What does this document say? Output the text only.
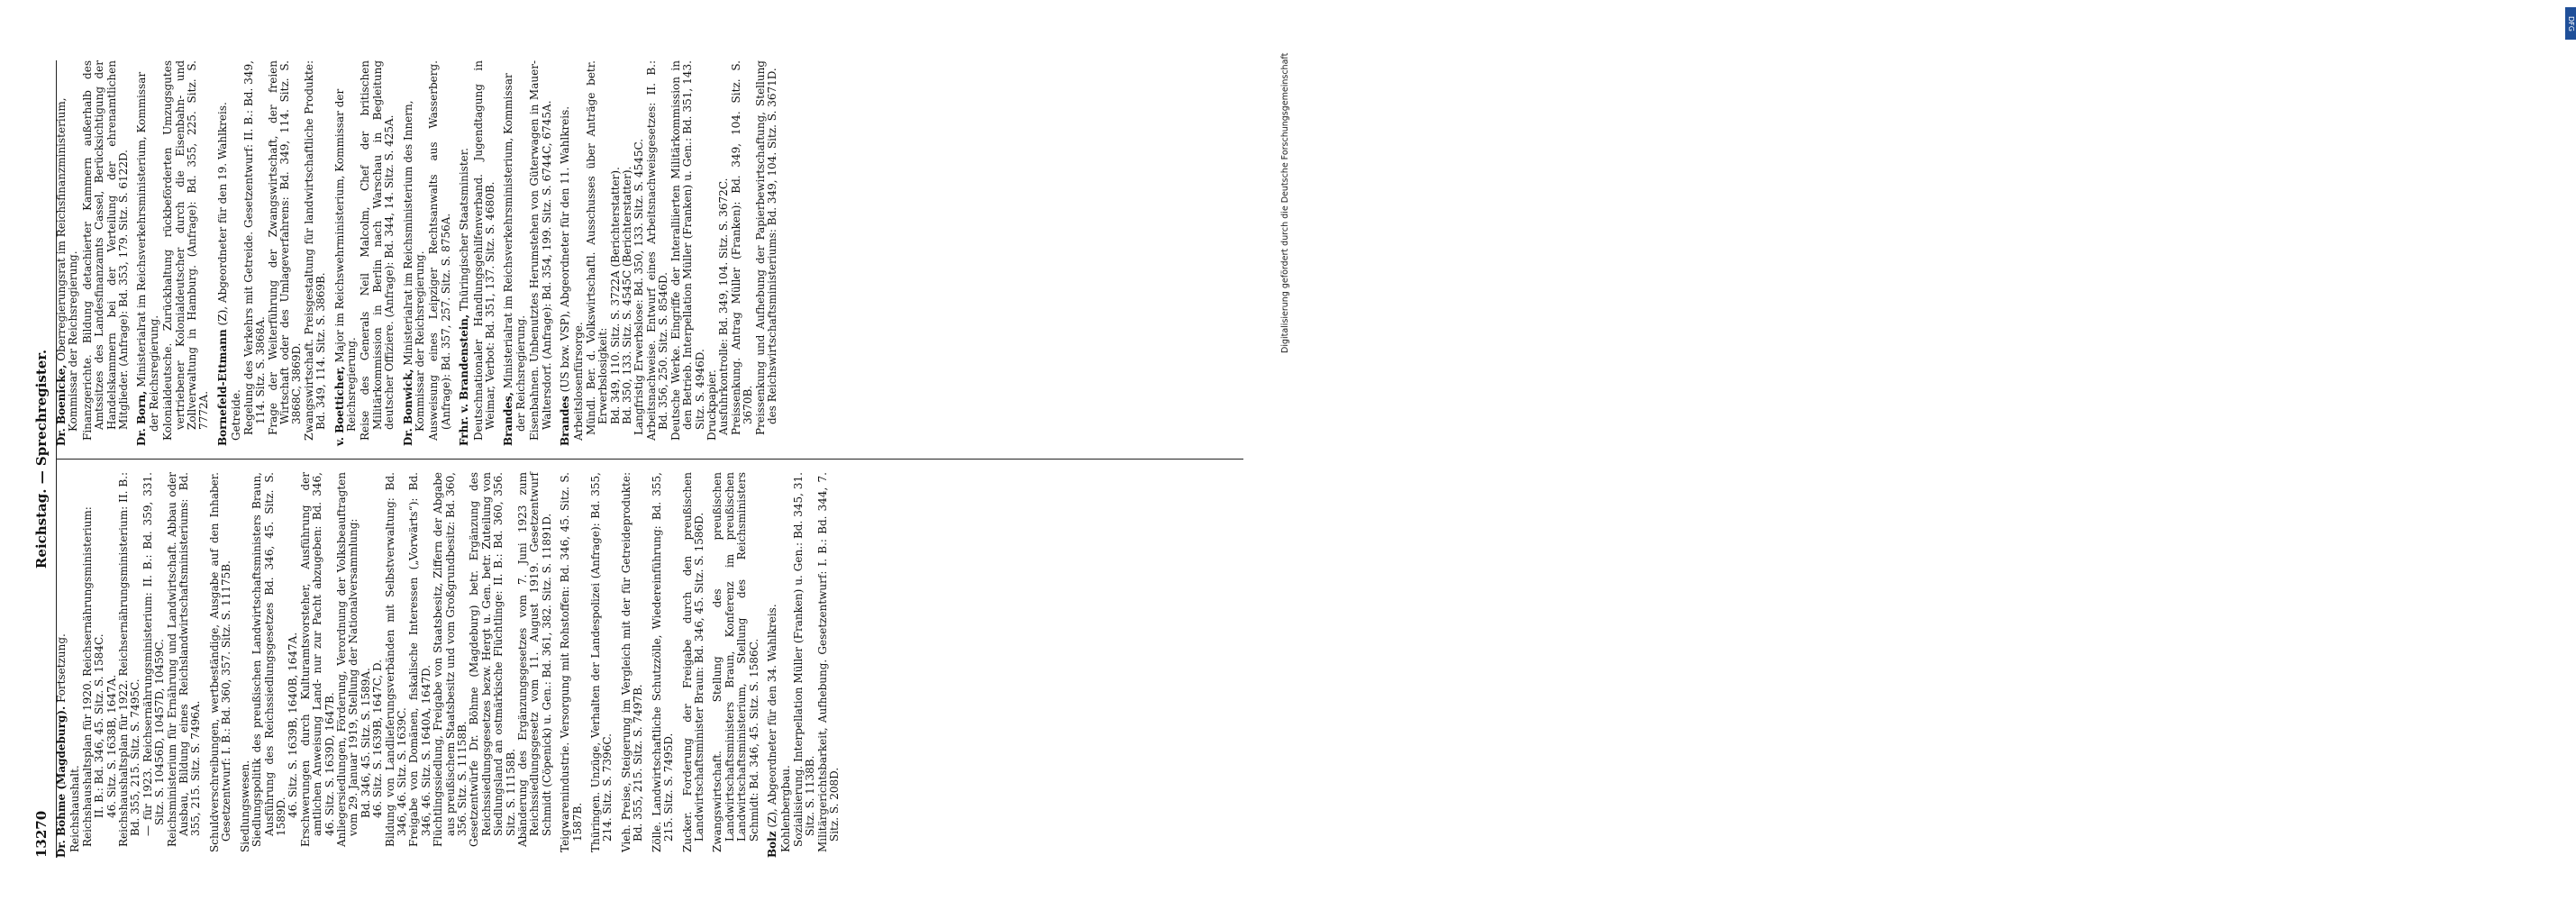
13270
Reichstag. — Sprechregister.

Dr. Böhme (Magdeburg). Fortsetzung.

Reichshaushalt. Reichshaushaltsplan für 1920. Reichsernährungsministerium: II. B.: Bd. 346, 45. Sitz. S. 1584C. 46. Sitz. S. 1638B, 1647A. Reichshaushaltsplan für 1922. Reichsernährungsministerium: II. B.: Bd. 355, 215. Sitz. S. 7495C. — für 1923. Reichsernährungsministerium: II. B.: Bd. 359, 331. Sitz. S. 10456D, 10457D, 10459C. Reichsministerium für Ernährung und Landwirtschaft. Abbau oder Ausbau, Bildung eines Reichslandwirtschaftsministeriums: Bd. 355, 215. Sitz. S. 7496A. Schuldverschreibungen, wertbeständige, Ausgabe auf den Inhaber. Gesetzentwurf: I. B.: Bd. 360, 357. Sitz. S. 11175B. Siedlungswesen. Siedlungspolitik des preußischen Landwirtschaftsministers Braun, Ausführung des Reichssiedlungsgesetzes Bd. 346, 45. Sitz. S. 1589D. 46. Sitz. S. 1639B, 1640B, 1647A. Erschwerungen durch Kulturamtsvorsteher, Ausführung der amtlichen Anweisung Land- nur zur Pacht abzugeben: Bd. 346, 46. Sitz. S. 1639D, 1647B. Anliegersiedlungen, Förderung, Verordnung der Volksbeauftragten vom 29. Januar 1919, Stellung der Nationalversammlung: Bd. 346, 45. Sitz. S. 1589A. 46. Sitz. S. 1639B, 1647C, D. Bildung von Landlieferungsverbänden mit Selbstverwaltung: Bd. 346, 46. Sitz. S. 1639C. Freigabe von Domänen, fiskalische Interessen („Vorwärts“): Bd. 346, 46. Sitz. S. 1640A, 1647D. Flüchtlingssiedlung, Freigabe von Staatsbesitz, Ziffern der Abgabe aus preußischem Staatsbesitz und vom Großgrundbesitz: Bd. 360, 356. Sitz. S. 11158B. Gesetzentwürfe Dr. Böhme (Magdeburg) betr. Ergänzung des Reichssiedlungsgesetzes bezw. Hergt u. Gen. betr. Zuteilung von Siedlungsland an ostmärkische Flüchtlinge: II. B.: Bd. 360, 356. Sitz. S. 11158B. Abänderung des Ergänzungsgesetzes vom 7. Juni 1923 zum Reichssiedlungsgesetz vom 11. August 1919. Gesetzentwurf Schmidt (Cöpenick) u. Gen.: Bd. 361, 382. Sitz. S. 11891D. Teigwarenindustrie. Versorgung mit Rohstoffen: Bd. 346, 45. Sitz. S. 1587B. Thüringen. Unzüge, Verhalten der Landespolizei (Anfrage): Bd. 355, 214. Sitz. S. 7396C. Vieh. Preise, Steigerung im Vergleich mit der für Getreideprodukte: Bd. 355, 215. Sitz. S. 7497B. Zölle. Landwirtschaftliche Schutzzölle, Wiedereinführung: Bd. 355, 215. Sitz. S. 7495D. Zucker. Forderung der Freigabe durch den preußischen Landwirtschaftsminister Braun: Bd. 346, 45. Sitz. S. 1586D. Zwangswirtschaft. Stellung des preußischen Landwirtschaftsministers Braun, Konferenz im preußischen Landwirtschaftsministerium, Stellung des Reichsministers Schmidt: Bd. 346, 45. Sitz. S. 1586C.

Bolz (Z), Abgeordneter für den 34. Wahlkreis. Kohlenbergbau. Sozialisierung. Interpellation Müller (Franken) u. Gen.: Bd. 345, 31. Sitz. S. 1138B. Militärgerichtsbarkeit, Aufhebung. Gesetzentwurf: I. B.: Bd. 344, 7. Sitz. S. 208D.

Dr. Boenicke, Oberregierungsrat im Reichsfinanzministerium, Kommissar der Reichsregierung. Finanzgerichte. Bildung detachierter Kammern außerhalb des Amtssitzes des Landesfinanzamts Cassel, Berücksichtigung der Handelskammern bei der Verteilung der ehrenamtlichen Mitglieder. (Anfrage): Bd. 353, 179. Sitz. S. 6122D. Dr. Born, Ministerialrat im Reichsverkehrsministerium, Kommissar der Reichsregierung. Kolonialdeutsche. Zurückhaltung rückbeförderten Umzugsgutes vertriebener Kolonialdeutscher durch die Eisenbahn- und Zollverwaltung in Hamburg. (Anfrage): Bd. 355, 225. Sitz. S. 7772A. Bornefeld-Ettmann (Z), Abgeordneter für den 19. Wahlkreis.

Getreide. Regelung des Verkehrs mit Getreide. Gesetzentwurf: II. B.: Bd. 349, 114. Sitz. S. 3868A. Frage der Weiterführung der Zwangswirtschaft, der freien Wirtschaft oder des Umlageverfahrens: Bd. 349, 114. Sitz. S. 3868C, 3869D. Zwangswirtschaft. Preisgestaltung für landwirtschaftliche Produkte: Bd. 349, 114. Sitz. S. 3869B. v. Boetticher, Major im Reichswehrministerium, Kommissar der Reichsregierung. Reise des Generals Neil Malcolm, Chef der britischen Militärkommission in Berlin nach Warschau in Begleitung deutscher Offiziere. (Anfrage): Bd. 344, 14. Sitz. S. 425A. Dr. Bonwick, Ministerialrat im Reichsministerium des Innern, Kommissar der Reichsregierung. Ausweisung eines Leipziger Rechtsanwalts aus Wasserberg. (Anfrage): Bd. 357, 257. Sitz. S. 8756A. Frhr. v. Brandenstein, Thüringischer Staatsminister. Deutschnationaler Handlungsgehilfenverband. Jugendtagung in Weimar, Verbot: Bd. 351, 137. Sitz. S. 4680B. Brandes, Ministerialrat im Reichsverkehrsministerium, Kommissar der Reichsregierung. Eisenbahnen. Unbenutztes Herumstehen von Güterwagen in Mauer-Waltersdorf. (Anfrage): Bd. 354, 199. Sitz. S. 6744C, 6745A. Brandes (US bzw. VSP), Abgeordneter für den 11. Wahlkreis. Arbeitslosenfürsorge. Mündl. Ber. d. Volkswirtschaftl. Ausschusses über Anträge betr. Erwerbslosigkeit: Bd. 349, 110. Sitz. S. 3722A (Berichterstatter). Bd. 350, 133. Sitz. S. 4545C (Berichterstatter). Langfristig Erwerbslose: Bd. 350, 133. Sitz. S. 4545C. Arbeitsnachweise. Entwurf eines Arbeitsnachweisgesetzes: II. B.: Bd. 356, 250. Sitz. S. 8546D. Deutsche Werke. Eingriffe der Interalliierten Militärkommission in den Betrieb. Interpellation Müller (Franken) u. Gen.: Bd. 351, 143. Sitz. S. 4946D. Druckpapier. Ausfuhrkontrolle: Bd. 349, 104. Sitz. S. 3672C. Preissenkung. Antrag Müller (Franken): Bd. 349, 104. Sitz. S. 3670B. Preissenkung und Aufhebung der Papierbewirtschaftung, Stellung des Reichswirtschaftsministeriums: Bd. 349, 104. Sitz. S. 3671D.

DFG
Digitalisierung gefördert durch die Deutsche Forschungsgemeinschaft
